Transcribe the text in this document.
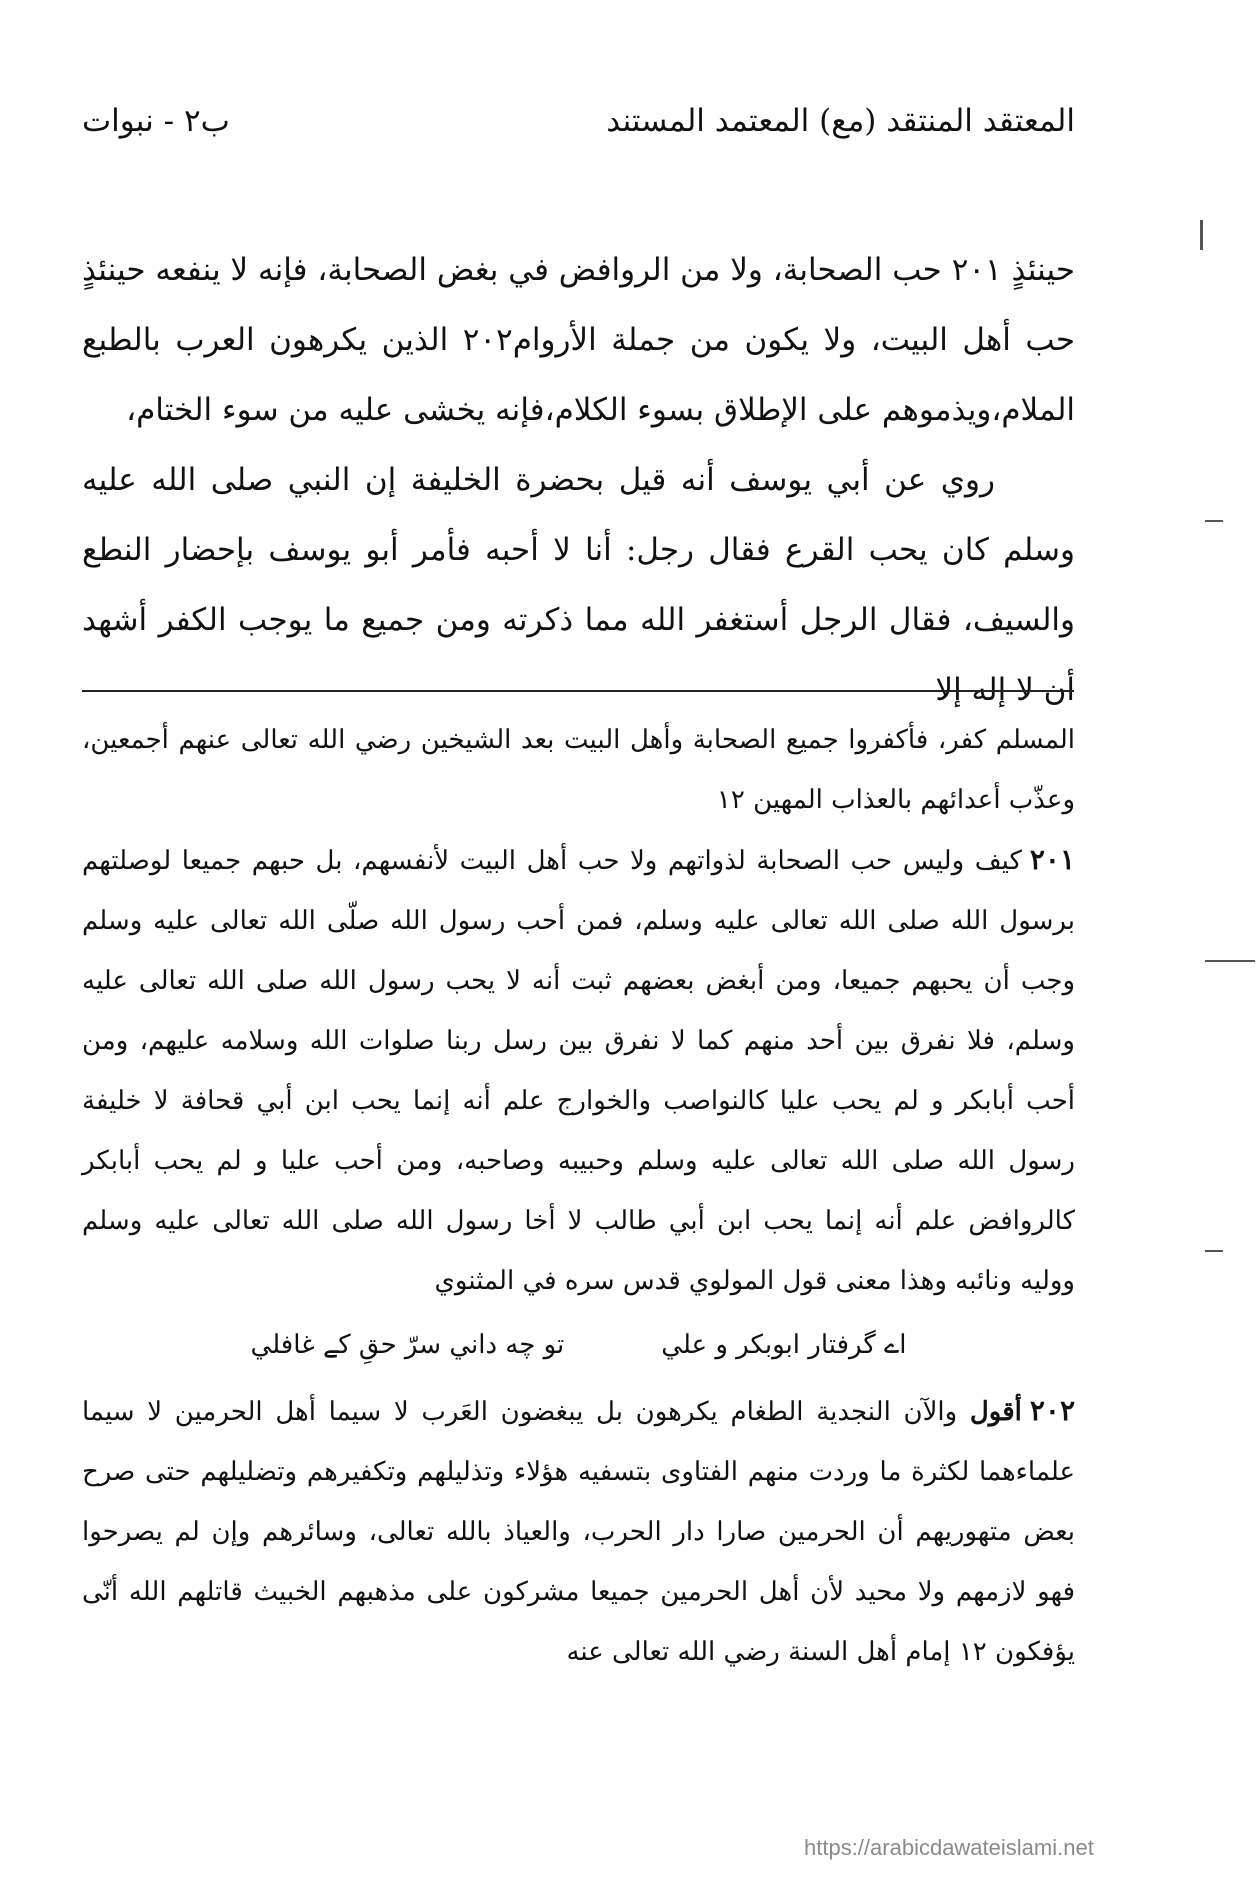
المعتقد المنتقد (مع) المعتمد المستند
ب٢ - نبوات

حينئذٍ ٢٠١ حب الصحابة، ولا من الروافض في بغض الصحابة، فإنه لا ينفعه حينئذٍ حب أهل البيت، ولا يكون من جملة الأروام٢٠٢ الذين يكرهون العرب بالطبع الملام،ويذموهم على الإطلاق بسوء الكلام،فإنه يخشى عليه من سوء الختام،

روي عن أبي يوسف أنه قيل بحضرة الخليفة إن النبي صلى الله عليه وسلم كان يحب القرع فقال رجل: أنا لا أحبه فأمر أبو يوسف بإحضار النطع والسيف، فقال الرجل أستغفر الله مما ذكرته ومن جميع ما يوجب الكفر أشهد أن لا إله إلا

المسلم كفر، فأكفروا جميع الصحابة وأهل البيت بعد الشيخين رضي الله تعالى عنهم أجمعين، وعذّب أعدائهم بالعذاب المهين ١٢

٢٠١كيف وليس حب الصحابة لذواتهم ولا حب أهل البيت لأنفسهم، بل حبهم جميعا لوصلتهم برسول الله صلى الله تعالى عليه وسلم، فمن أحب رسول الله صلّى الله تعالى عليه وسلم وجب أن يحبهم جميعا، ومن أبغض بعضهم ثبت أنه لا يحب رسول الله صلى الله تعالى عليه وسلم، فلا نفرق بين أحد منهم كما لا نفرق بين رسل ربنا صلوات الله وسلامه عليهم، ومن أحب أبابكر و لم يحب عليا كالنواصب والخوارج علم أنه إنما يحب ابن أبي قحافة لا خليفة رسول الله صلى الله تعالى عليه وسلم وحبيبه وصاحبه، ومن أحب عليا و لم يحب أبابكر كالروافض علم أنه إنما يحب ابن أبي طالب لا أخا رسول الله صلى الله تعالى عليه وسلم ووليه ونائبه وهذا معنى قول المولوي قدس سره في المثنوي

اے گرفتار ابوبکر و علي
تو چه داني سرّ حقِ کے غافلي

٢٠٢أقول والآن النجدية الطغام يكرهون بل يبغضون العَرب لا سيما أهل الحرمين لا سيما علماءهما لكثرة ما وردت منهم الفتاوى بتسفيه هؤلاء وتذليلهم وتكفيرهم وتضليلهم حتى صرح بعض متهوريهم أن الحرمين صارا دار الحرب، والعياذ بالله تعالى، وسائرهم وإن لم يصرحوا فهو لازمهم ولا محيد لأن أهل الحرمين جميعا مشركون على مذهبهم الخبيث قاتلهم الله أنّى يؤفكون ١٢ إمام أهل السنة رضي الله تعالى عنه

https://arabicdawateislami.net
